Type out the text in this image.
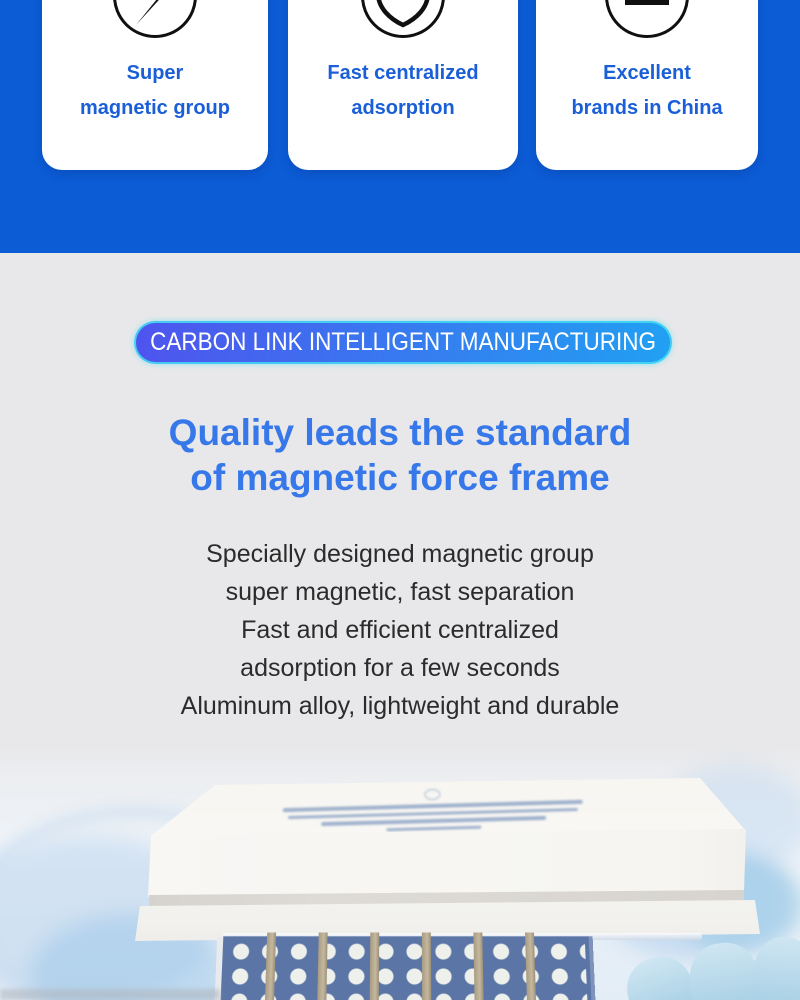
Super
magnetic group
Fast centralized
adsorption
Excellent
brands in China
CARBON LINK INTELLIGENT MANUFACTURING
Quality leads the standard
of magnetic force frame
Specially designed magnetic group
super magnetic, fast separation
Fast and efficient centralized
adsorption for a few seconds
Aluminum alloy, lightweight and durable
